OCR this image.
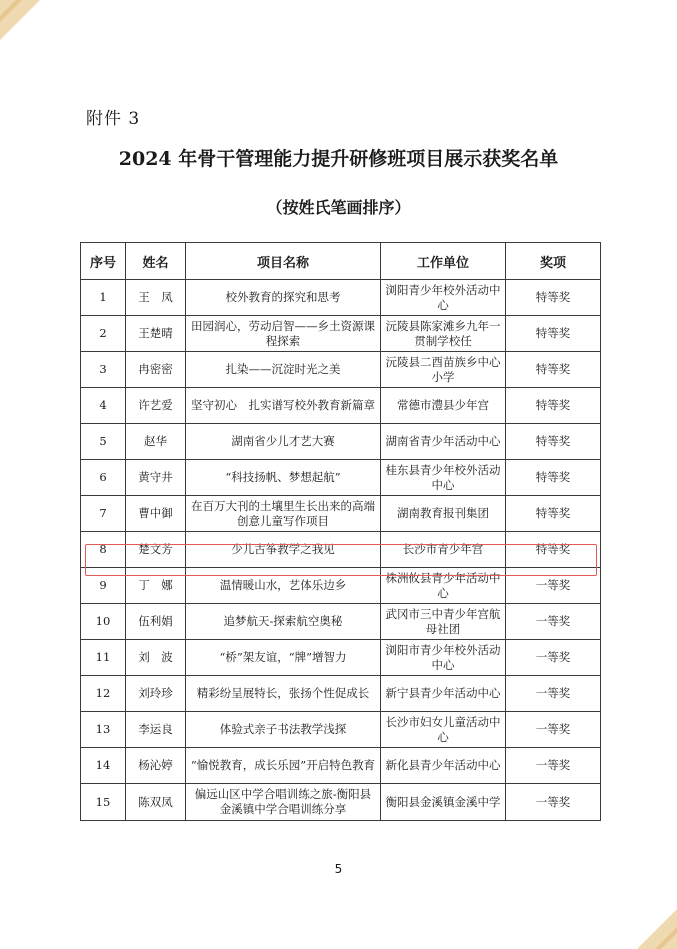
附件 3

2024 年骨干管理能力提升研修班项目展示获奖名单

（按姓氏笔画排序）

序号	姓名	项目名称	工作单位	奖项
1	王　凤	校外教育的探究和思考	浏阳青少年校外活动中心	特等奖
2	王楚晴	田园润心，劳动启智——乡土资源课程探索	沅陵县陈家滩乡九年一贯制学校任	特等奖
3	冉密密	扎染——沉淀时光之美	沅陵县二酉苗族乡中心小学	特等奖
4	许艺爱	坚守初心　扎实谱写校外教育新篇章	常德市澧县少年宫	特等奖
5	赵华	湖南省少儿才艺大赛	湖南省青少年活动中心	特等奖
6	黄守井	“科技扬帆、梦想起航”	桂东县青少年校外活动中心	特等奖
7	曹中御	在百万大刊的土壤里生长出来的高端创意儿童写作项目	湖南教育报刊集团	特等奖
8	楚文芳	少儿古筝教学之我见	长沙市青少年宫	特等奖
9	丁　娜	温情暖山水，艺体乐边乡	株洲攸县青少年活动中心	一等奖
10	伍利娟	追梦航天-探索航空奥秘	武冈市三中青少年宫航母社团	一等奖
11	刘　波	“桥”架友谊，“牌”增智力	浏阳市青少年校外活动中心	一等奖
12	刘玲珍	精彩纷呈展特长，张扬个性促成长	新宁县青少年活动中心	一等奖
13	李运良	体验式亲子书法教学浅探	长沙市妇女儿童活动中心	一等奖
14	杨沁婷	“愉悦教育，成长乐园”开启特色教育	新化县青少年活动中心	一等奖
15	陈双凤	偏远山区中学合唱训练之旅-衡阳县金溪镇中学合唱训练分享	衡阳县金溪镇金溪中学	一等奖

5
